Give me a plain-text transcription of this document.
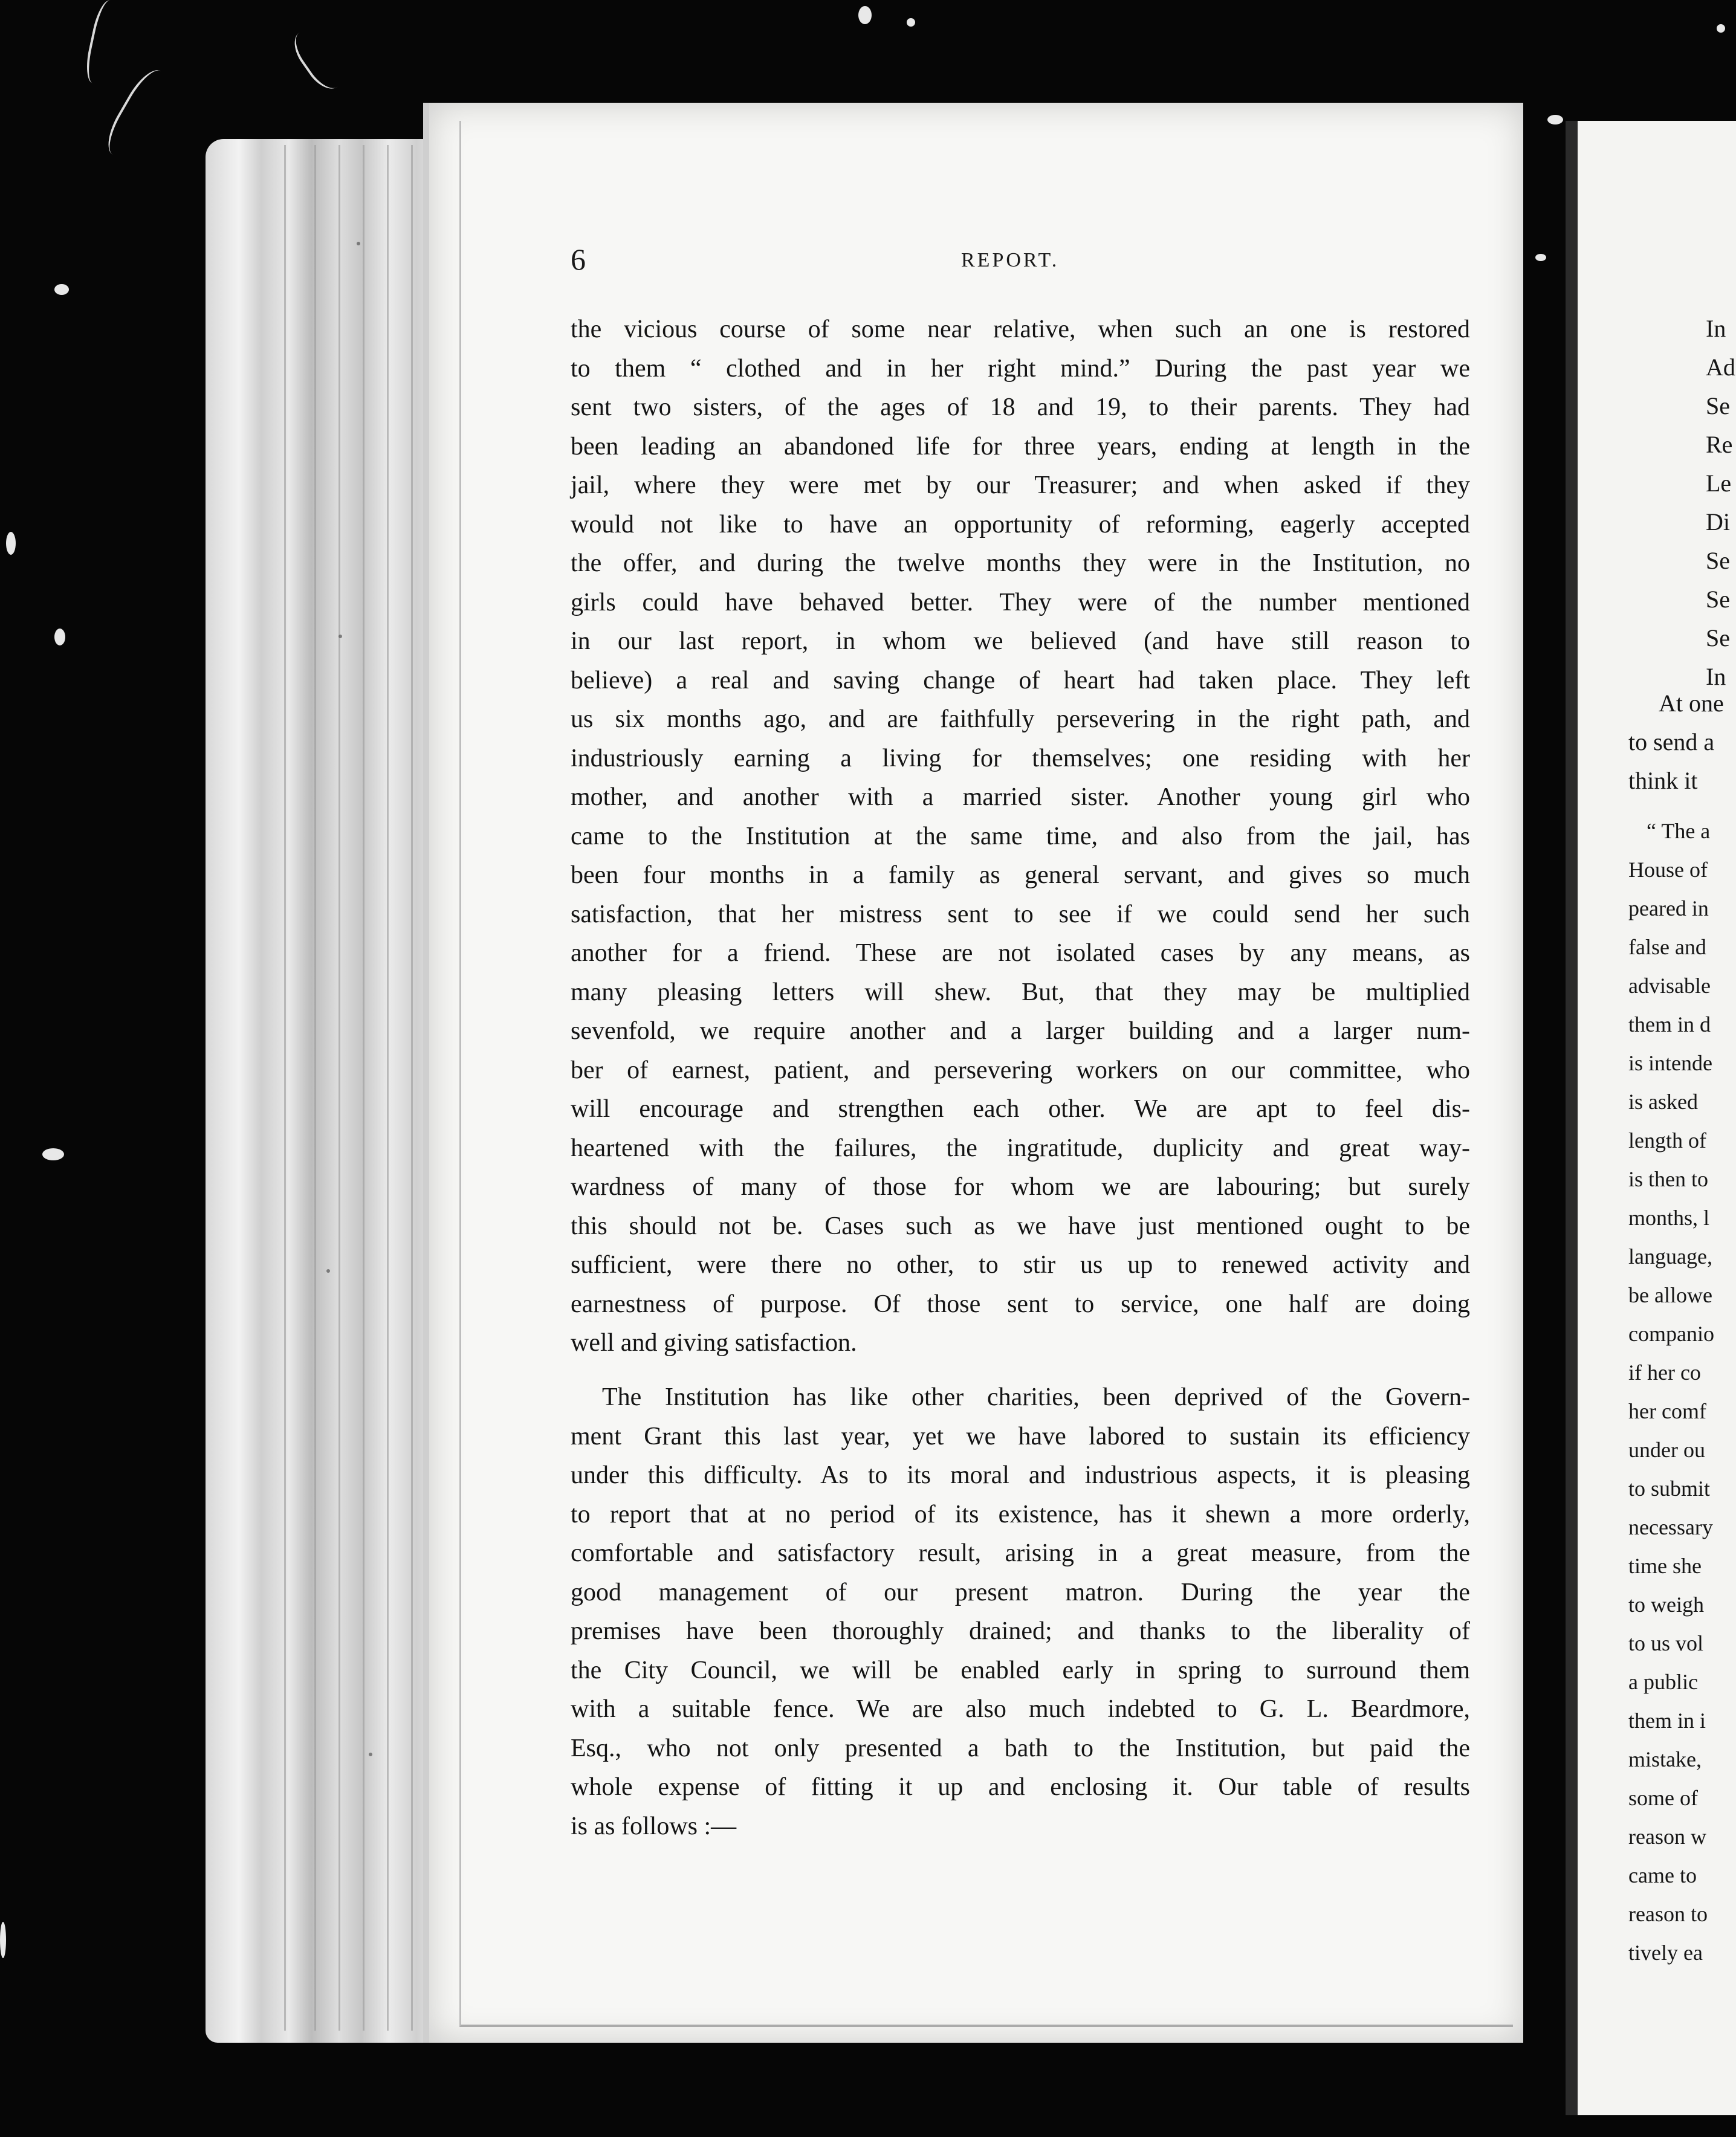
6	REPORT.
the vicious course of some near relative, when such an one is restored
to them “ clothed and in her right mind.” During the past year we
sent two sisters, of the ages of 18 and 19, to their parents. They had
been leading an abandoned life for three years, ending at length in the
jail, where they were met by our Treasurer; and when asked if they
would not like to have an opportunity of reforming, eagerly accepted
the offer, and during the twelve months they were in the Institution, no
girls could have behaved better. They were of the number mentioned
in our last report, in whom we believed (and have still reason to
believe) a real and saving change of heart had taken place. They left
us six months ago, and are faithfully persevering in the right path, and
industriously earning a living for themselves; one residing with her
mother, and another with a married sister. Another young girl who
came to the Institution at the same time, and also from the jail, has
been four months in a family as general servant, and gives so much
satisfaction, that her mistress sent to see if we could send her such
another for a friend. These are not isolated cases by any means, as
many pleasing letters will shew. But, that they may be multiplied
sevenfold, we require another and a larger building and a larger num-
ber of earnest, patient, and persevering workers on our committee, who
will encourage and strengthen each other. We are apt to feel dis-
heartened with the failures, the ingratitude, duplicity and great way-
wardness of many of those for whom we are labouring; but surely
this should not be. Cases such as we have just mentioned ought to be
sufficient, were there no other, to stir us up to renewed activity and
earnestness of purpose. Of those sent to service, one half are doing
well and giving satisfaction.
The Institution has like other charities, been deprived of the Govern-
ment Grant this last year, yet we have labored to sustain its efficiency
under this difficulty. As to its moral and industrious aspects, it is pleasing
to report that at no period of its existence, has it shewn a more orderly,
comfortable and satisfactory result, arising in a great measure, from the
good management of our present matron. During the year the
premises have been thoroughly drained; and thanks to the liberality of
the City Council, we will be enabled early in spring to surround them
with a suitable fence. We are also much indebted to G. L. Beardmore,
Esq., who not only presented a bath to the Institution, but paid the
whole expense of fitting it up and enclosing it. Our table of results
is as follows :—
In
Ad
Se
Re
Le
Di
Se
Se
Se
In
At one
to send a
think it
“ The a
House of
peared in
false and
advisable
them in d
is intende
is asked
length of
is then to
months, l
language,
be allowe
companio
if her co
her comf
under ou
to submit
necessary
time she
to weigh
to us vol
a public
them in i
mistake,
some of
reason w
came to
reason to
tively ea
